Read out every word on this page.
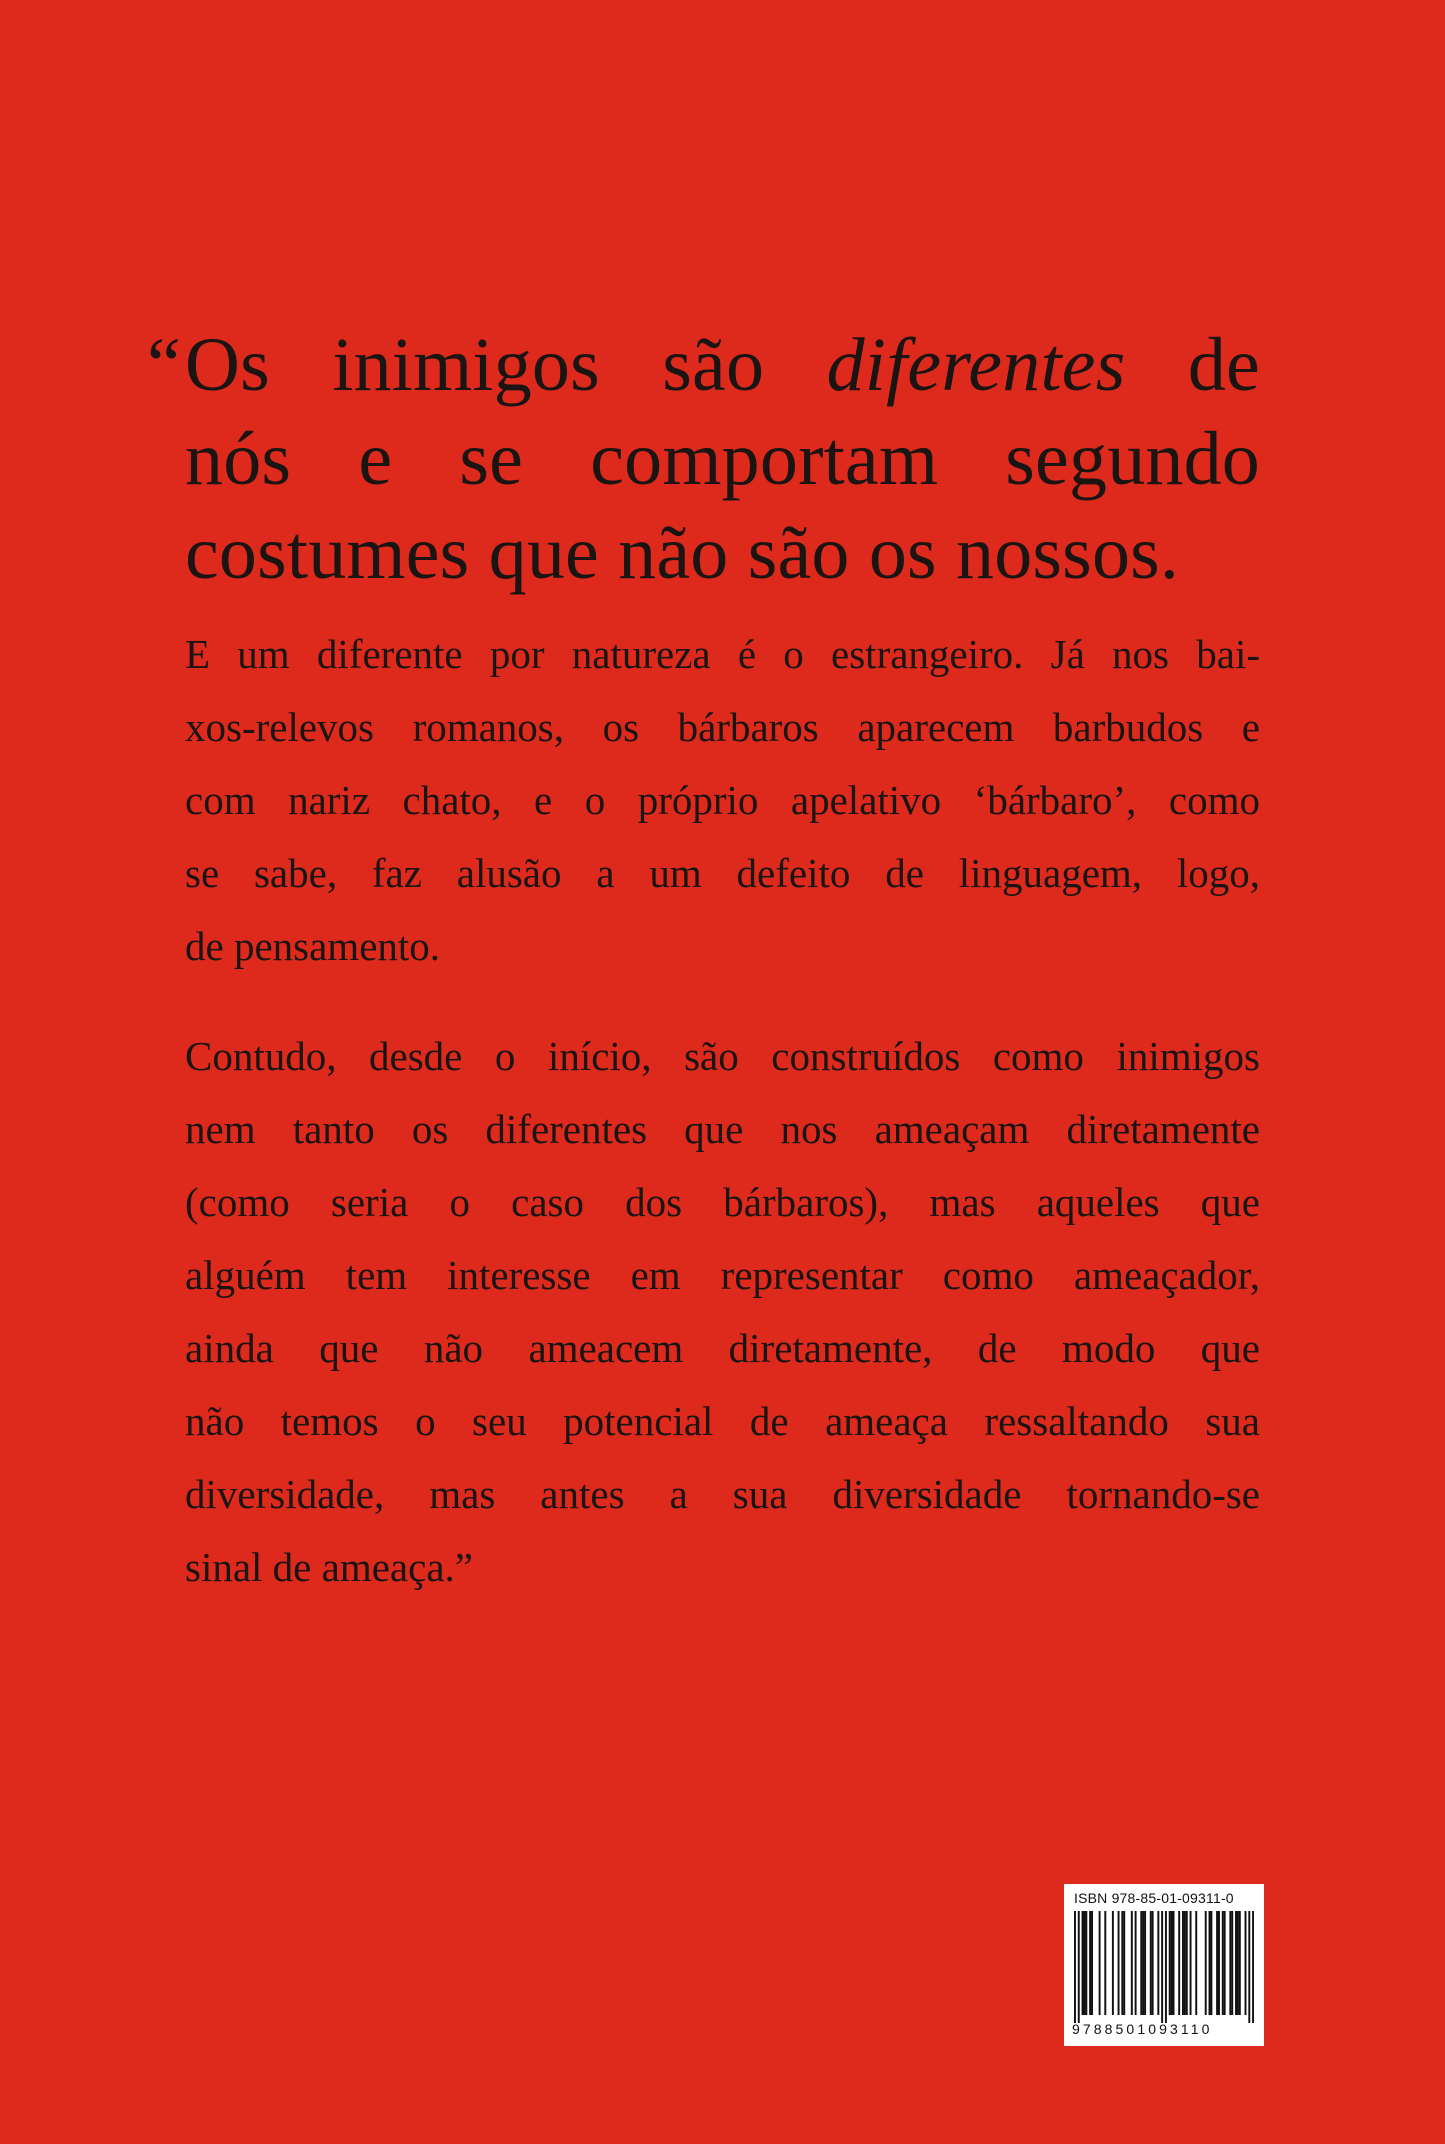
“ Os inimigos são diferentes de
nós e se comportam segundo
costumes que não são os nossos.
E um diferente por natureza é o estrangeiro. Já nos bai-
xos-relevos romanos, os bárbaros aparecem barbudos e
com nariz chato, e o próprio apelativo ‘bárbaro’, como
se sabe, faz alusão a um defeito de linguagem, logo,
de pensamento.
Contudo, desde o início, são construídos como inimigos
nem tanto os diferentes que nos ameaçam diretamente
(como seria o caso dos bárbaros), mas aqueles que
alguém tem interesse em representar como ameaçador,
ainda que não ameacem diretamente, de modo que
não temos o seu potencial de ameaça ressaltando sua
diversidade, mas antes a sua diversidade tornando-se
sinal de ameaça.”
ISBN 978-85-01-09311-0
9788501093110
